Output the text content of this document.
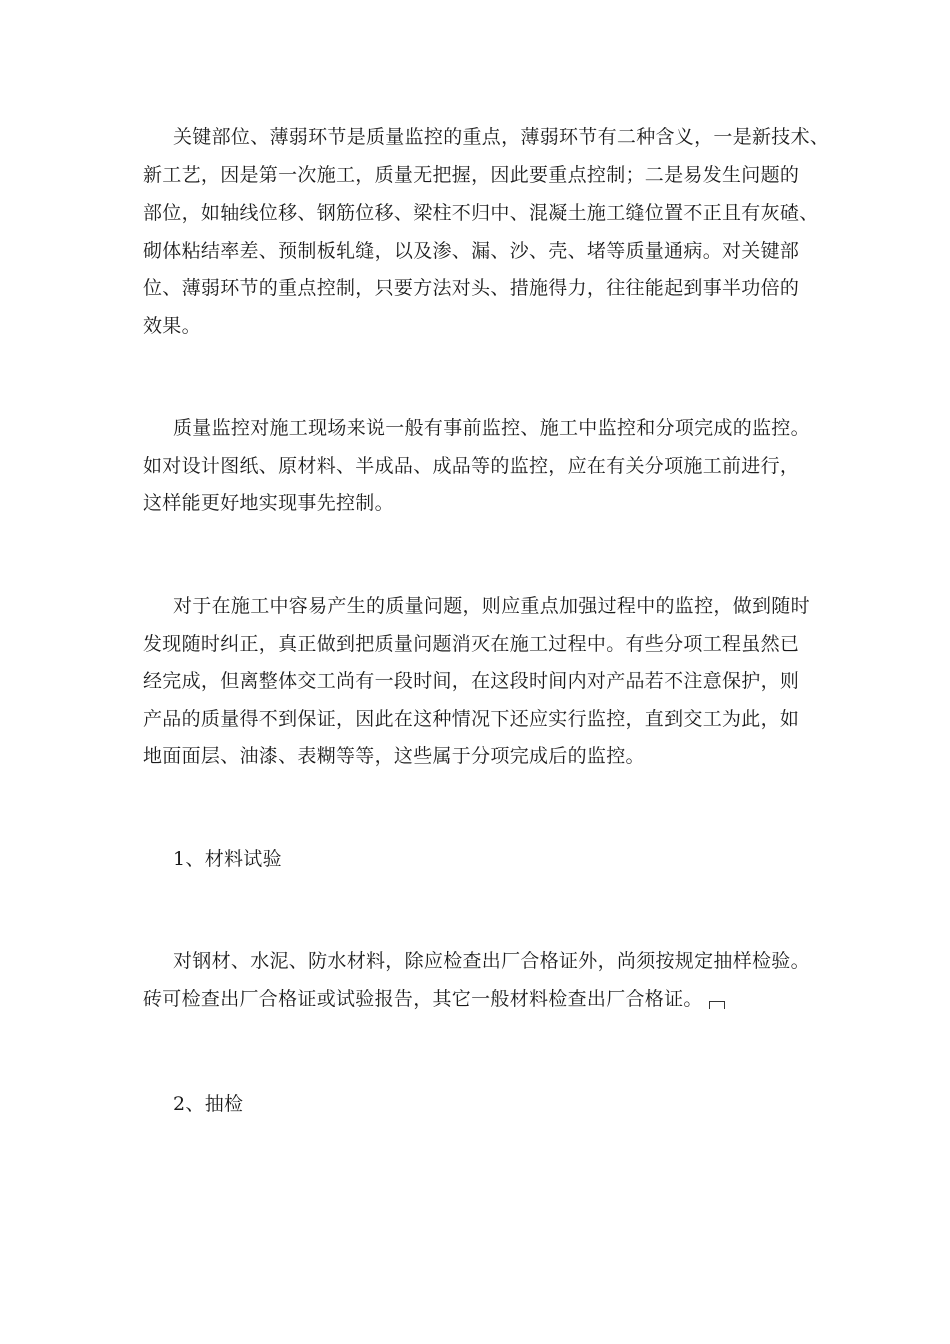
关键部位、薄弱环节是质量监控的重点，薄弱环节有二种含义，一是新技术、
新工艺，因是第一次施工，质量无把握，因此要重点控制；二是易发生问题的
部位，如轴线位移、钢筋位移、梁柱不归中、混凝土施工缝位置不正且有灰碴、
砌体粘结率差、预制板轧缝，以及渗、漏、沙、壳、堵等质量通病。对关键部
位、薄弱环节的重点控制，只要方法对头、措施得力，往往能起到事半功倍的
效果。
质量监控对施工现场来说一般有事前监控、施工中监控和分项完成的监控。
如对设计图纸、原材料、半成品、成品等的监控，应在有关分项施工前进行，
这样能更好地实现事先控制。
对于在施工中容易产生的质量问题，则应重点加强过程中的监控，做到随时
发现随时纠正，真正做到把质量问题消灭在施工过程中。有些分项工程虽然已
经完成，但离整体交工尚有一段时间，在这段时间内对产品若不注意保护，则
产品的质量得不到保证，因此在这种情况下还应实行监控，直到交工为此，如
地面面层、油漆、表糊等等，这些属于分项完成后的监控。
1、材料试验
对钢材、水泥、防水材料，除应检查出厂合格证外，尚须按规定抽样检验。
砖可检查出厂合格证或试验报告，其它一般材料检查出厂合格证。
2、抽检
